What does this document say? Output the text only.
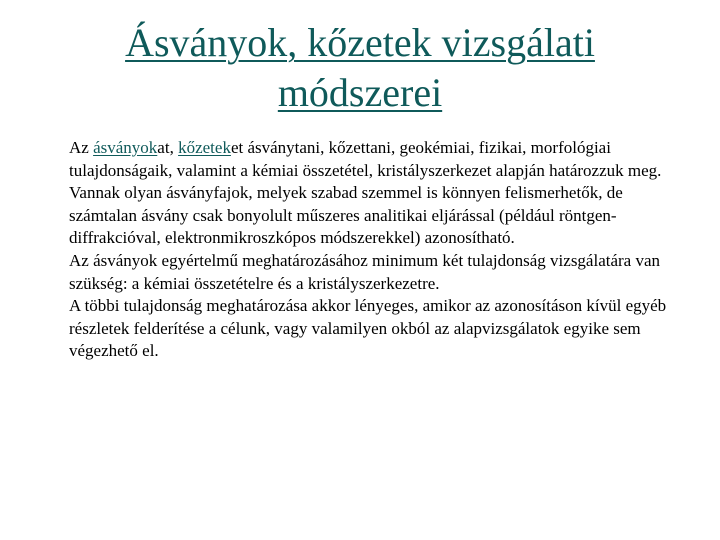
Ásványok, kőzetek vizsgálati
módszerei

Az ásványokat, kőzeteket ásványtani, kőzettani, geokémiai, fizikai, morfológiai tulajdonságaik, valamint a kémiai összetétel, kristályszerkezet alapján határozzuk meg.

Vannak olyan ásványfajok, melyek szabad szemmel is könnyen felismerhetők, de számtalan ásvány csak bonyolult műszeres analitikai eljárással (például röntgen-diffrakcióval, elektronmikroszkópos módszerekkel) azonosítható.

Az ásványok egyértelmű meghatározásához minimum két tulajdonság vizsgálatára van szükség: a kémiai összetételre és a kristályszerkezetre.

A többi tulajdonság meghatározása akkor lényeges, amikor az azonosításon kívül egyéb részletek felderítése a célunk, vagy valamilyen okból az alapvizsgálatok egyike sem végezhető el.
